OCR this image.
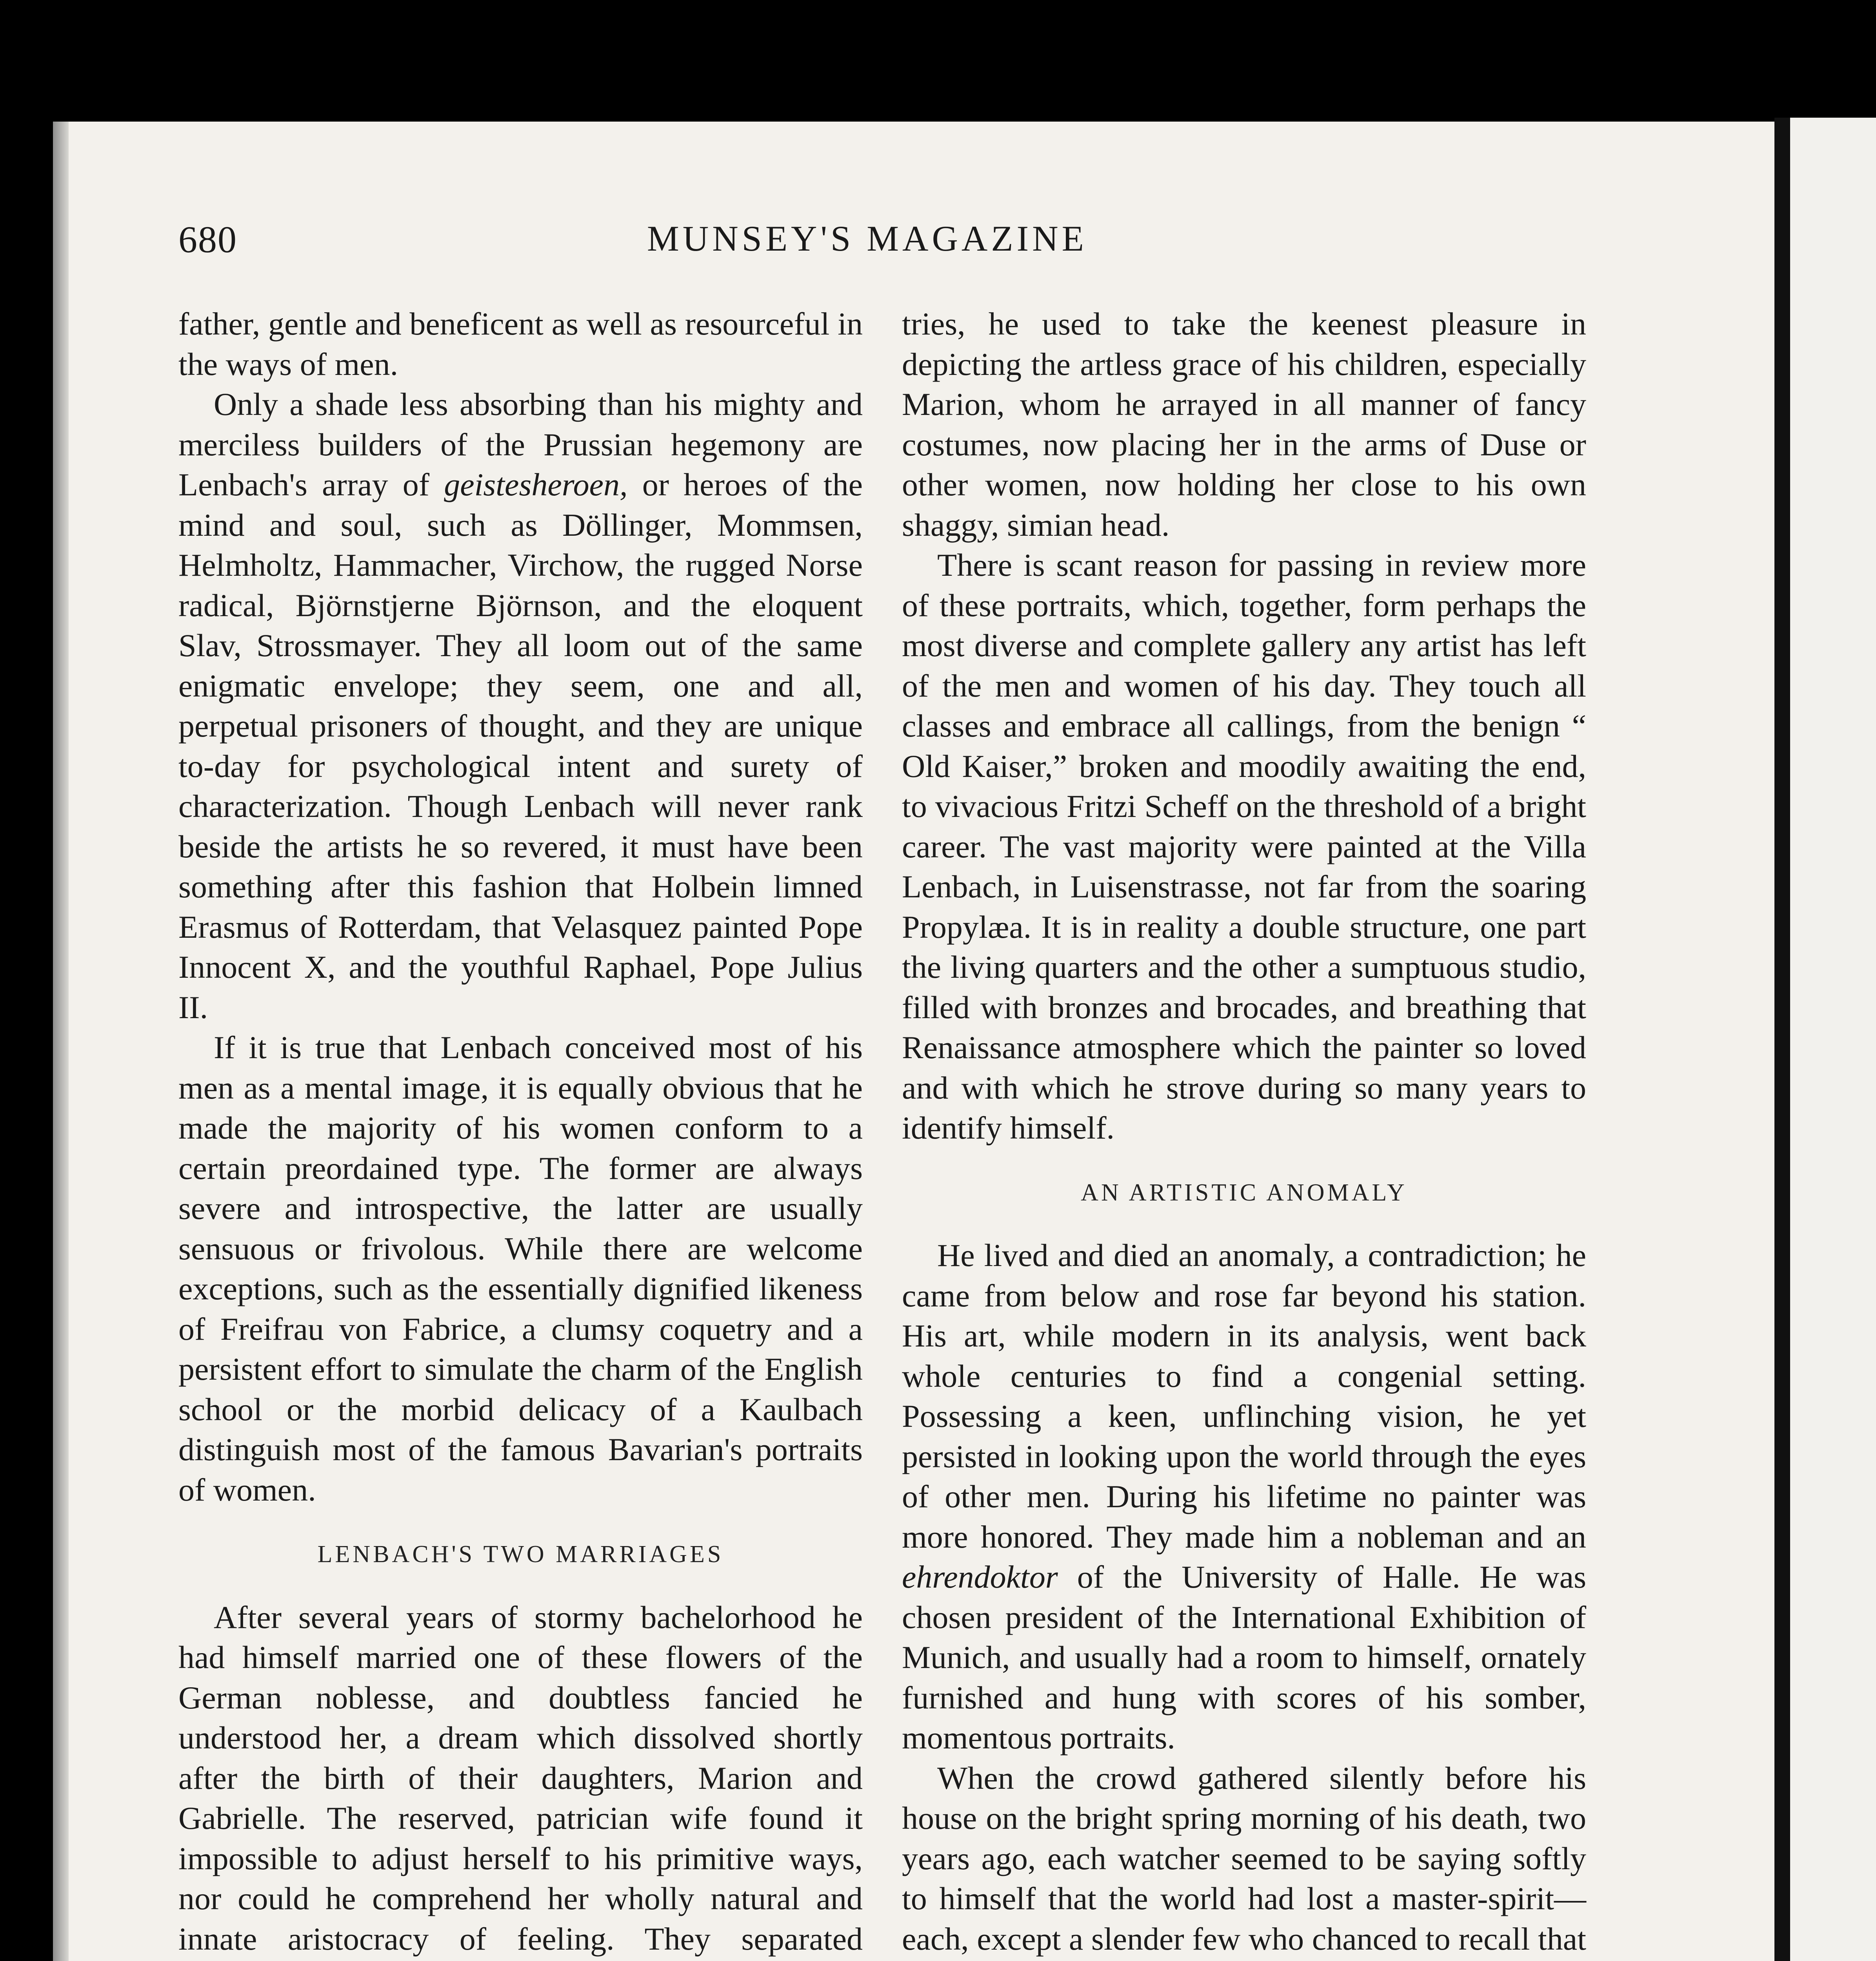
680	MUNSEY'S MAGAZINE

father, gentle and beneficent as well as resourceful in the ways of men.

Only a shade less absorbing than his mighty and merciless builders of the Prussian hegemony are Lenbach's array of geistesheroen, or heroes of the mind and soul, such as Döllinger, Mommsen, Helmholtz, Hammacher, Virchow, the rugged Norse radical, Björnstjerne Björnson, and the eloquent Slav, Strossmayer. They all loom out of the same enigmatic envelope; they seem, one and all, perpetual prisoners of thought, and they are unique to-day for psychological intent and surety of characterization. Though Lenbach will never rank beside the artists he so revered, it must have been something after this fashion that Holbein limned Erasmus of Rotterdam, that Velasquez painted Pope Innocent X, and the youthful Raphael, Pope Julius II.

If it is true that Lenbach conceived most of his men as a mental image, it is equally obvious that he made the majority of his women conform to a certain preordained type. The former are always severe and introspective, the latter are usually sensuous or frivolous. While there are welcome exceptions, such as the essentially dignified likeness of Freifrau von Fabrice, a clumsy coquetry and a persistent effort to simulate the charm of the English school or the morbid delicacy of a Kaulbach distinguish most of the famous Bavarian's portraits of women.

LENBACH'S TWO MARRIAGES

After several years of stormy bachelorhood he had himself married one of these flowers of the German noblesse, and doubtless fancied he understood her, a dream which dissolved shortly after the birth of their daughters, Marion and Gabrielle. The reserved, patrician wife found it impossible to adjust herself to his primitive ways, nor could he comprehend her wholly natural and innate aristocracy of feeling. They separated

tries, he used to take the keenest pleasure in depicting the artless grace of his children, especially Marion, whom he arrayed in all manner of fancy costumes, now placing her in the arms of Duse or other women, now holding her close to his own shaggy, simian head.

There is scant reason for passing in review more of these portraits, which, together, form perhaps the most diverse and complete gallery any artist has left of the men and women of his day. They touch all classes and embrace all callings, from the benign “ Old Kaiser,” broken and moodily awaiting the end, to vivacious Fritzi Scheff on the threshold of a bright career. The vast majority were painted at the Villa Lenbach, in Luisenstrasse, not far from the soaring Propylæa. It is in reality a double structure, one part the living quarters and the other a sumptuous studio, filled with bronzes and brocades, and breathing that Renaissance atmosphere which the painter so loved and with which he strove during so many years to identify himself.

AN ARTISTIC ANOMALY

He lived and died an anomaly, a contradiction; he came from below and rose far beyond his station. His art, while modern in its analysis, went back whole centuries to find a congenial setting. Possessing a keen, unflinching vision, he yet persisted in looking upon the world through the eyes of other men. During his lifetime no painter was more honored. They made him a nobleman and an ehrendoktor of the University of Halle. He was chosen president of the International Exhibition of Munich, and usually had a room to himself, ornately furnished and hung with scores of his somber, momentous portraits.

When the crowd gathered silently before his house on the bright spring morning of his death, two years ago, each watcher seemed to be saying softly to himself that the world had lost a master-spirit—each, except a slender few who chanced to recall that
